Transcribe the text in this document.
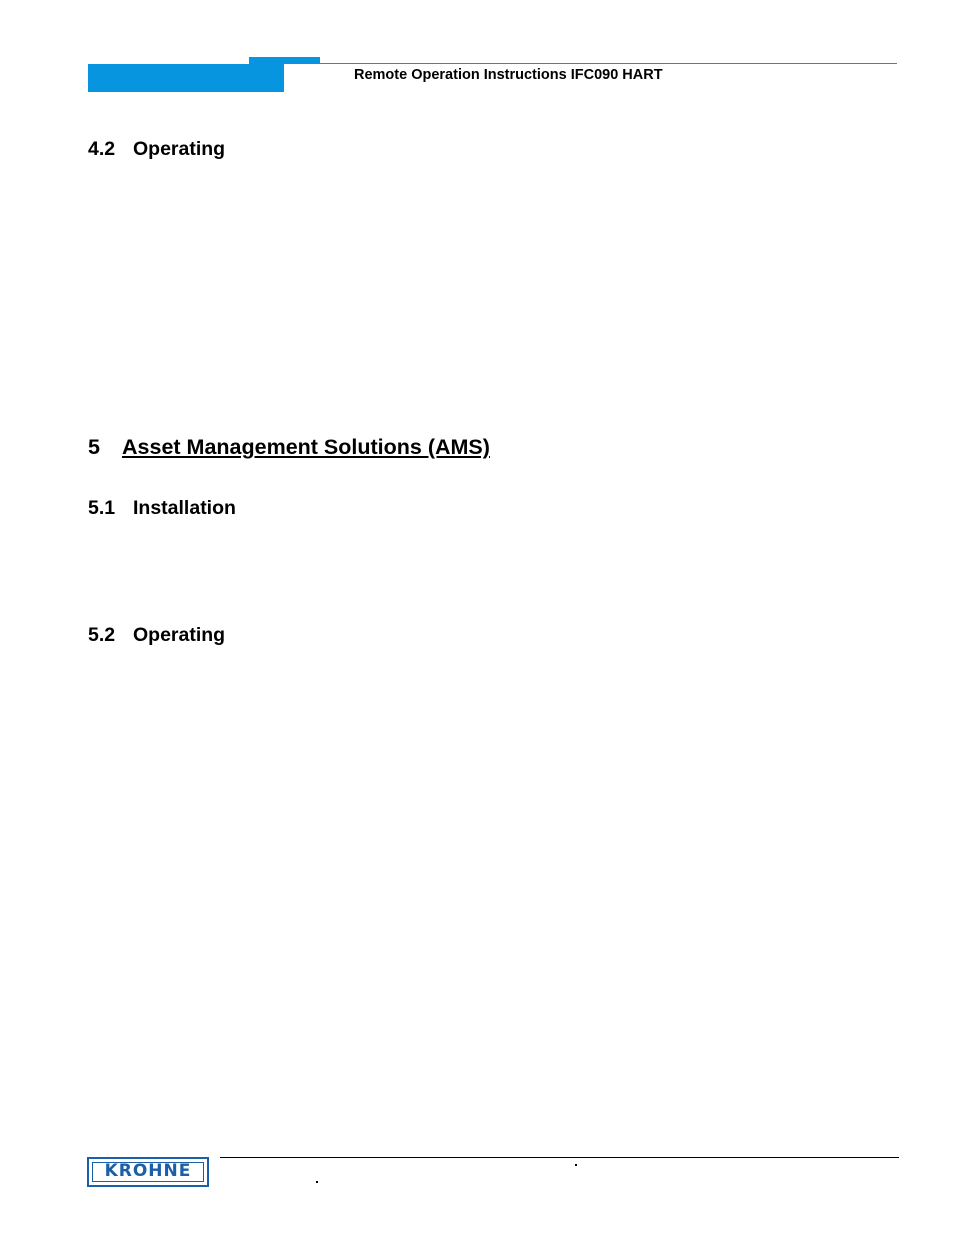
Remote Operation Instructions IFC090 HART
4.2 Operating
5 Asset Management Solutions (AMS)
5.1 Installation
5.2 Operating
KROHNE
